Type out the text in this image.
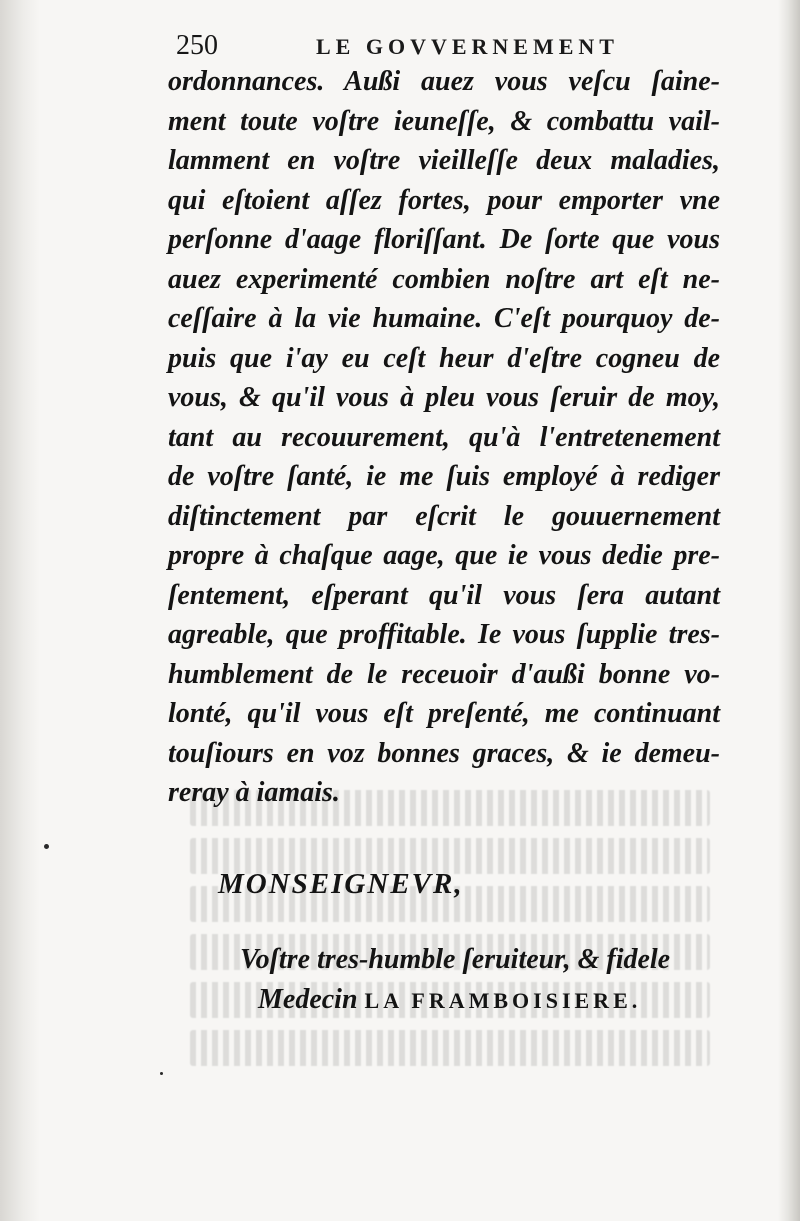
250	LE GOVVERNEMENT
ordonnances. Außi auez vous veſcu ſaine-
ment toute voſtre ieuneſſe, & combattu vail-
lamment en voſtre vieilleſſe deux maladies,
qui eſtoient aſſez fortes, pour emporter vne
perſonne d'aage floriſſant. De ſorte que vous
auez experimenté combien noſtre art eſt ne-
ceſſaire à la vie humaine. C'eſt pourquoy de-
puis que i'ay eu ceſt heur d'eſtre cogneu de
vous, & qu'il vous à pleu vous ſeruir de moy,
tant au recouurement, qu'à l'entretenement
de voſtre ſanté, ie me ſuis employé à rediger
diſtinctement par eſcrit le gouuernement
propre à chaſque aage, que ie vous dedie pre-
ſentement, eſperant qu'il vous ſera autant
agreable, que proffitable. Ie vous ſupplie tres-
humblement de le receuoir d'außi bonne vo-
lonté, qu'il vous eſt preſenté, me continuant
touſiours en voz bonnes graces, & ie demeu-
reray à iamais.
MONSEIGNEVR,
Voſtre tres-humble ſeruiteur, & fidele
Medecin LA FRAMBOISIERE.
